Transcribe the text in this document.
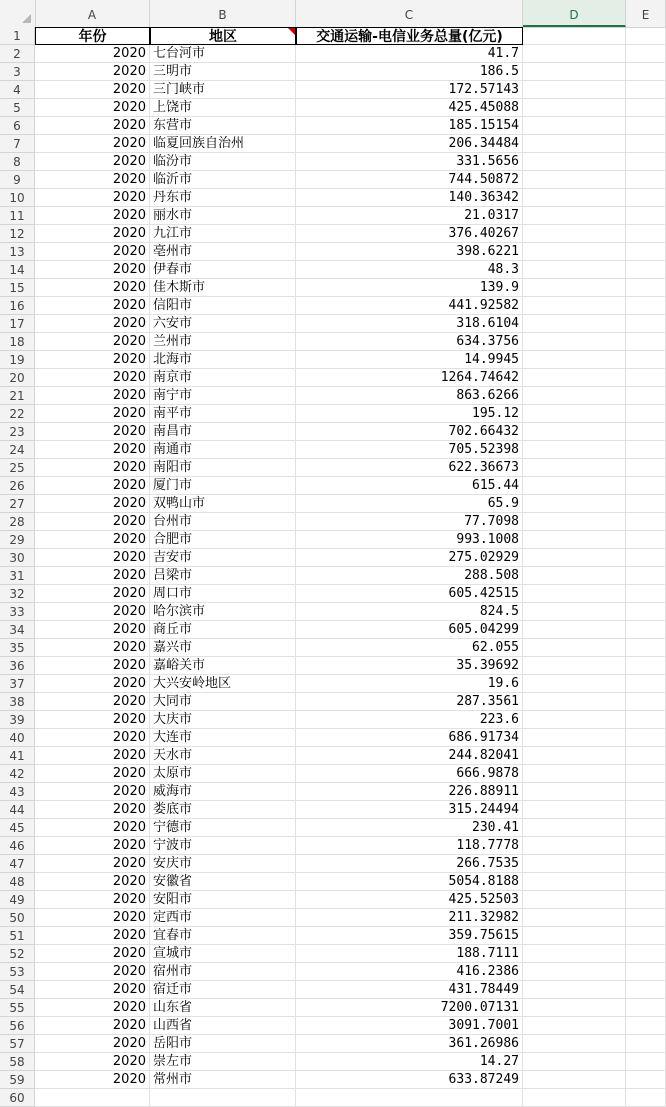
A	B	C	D	E
1	年份	地区	交通运输-电信业务总量(亿元)
2	2020 七台河市	41.7
3	2020 三明市	186.5
4	2020 三门峡市	172.57143
5	2020 上饶市	425.45088
6	2020 东营市	185.15154
7	2020 临夏回族自治州	206.34484
8	2020 临汾市	331.5656
9	2020 临沂市	744.50872
10	2020 丹东市	140.36342
11	2020 丽水市	21.0317
12	2020 九江市	376.40267
13	2020 亳州市	398.6221
14	2020 伊春市	48.3
15	2020 佳木斯市	139.9
16	2020 信阳市	441.92582
17	2020 六安市	318.6104
18	2020 兰州市	634.3756
19	2020 北海市	14.9945
20	2020 南京市	1264.74642
21	2020 南宁市	863.6266
22	2020 南平市	195.12
23	2020 南昌市	702.66432
24	2020 南通市	705.52398
25	2020 南阳市	622.36673
26	2020 厦门市	615.44
27	2020 双鸭山市	65.9
28	2020 台州市	77.7098
29	2020 合肥市	993.1008
30	2020 吉安市	275.02929
31	2020 吕梁市	288.508
32	2020 周口市	605.42515
33	2020 哈尔滨市	824.5
34	2020 商丘市	605.04299
35	2020 嘉兴市	62.055
36	2020 嘉峪关市	35.39692
37	2020 大兴安岭地区	19.6
38	2020 大同市	287.3561
39	2020 大庆市	223.6
40	2020 大连市	686.91734
41	2020 天水市	244.82041
42	2020 太原市	666.9878
43	2020 威海市	226.88911
44	2020 娄底市	315.24494
45	2020 宁德市	230.41
46	2020 宁波市	118.7778
47	2020 安庆市	266.7535
48	2020 安徽省	5054.8188
49	2020 安阳市	425.52503
50	2020 定西市	211.32982
51	2020 宜春市	359.75615
52	2020 宣城市	188.7111
53	2020 宿州市	416.2386
54	2020 宿迁市	431.78449
55	2020 山东省	7200.07131
56	2020 山西省	3091.7001
57	2020 岳阳市	361.26986
58	2020 崇左市	14.27
59	2020 常州市	633.87249
60
